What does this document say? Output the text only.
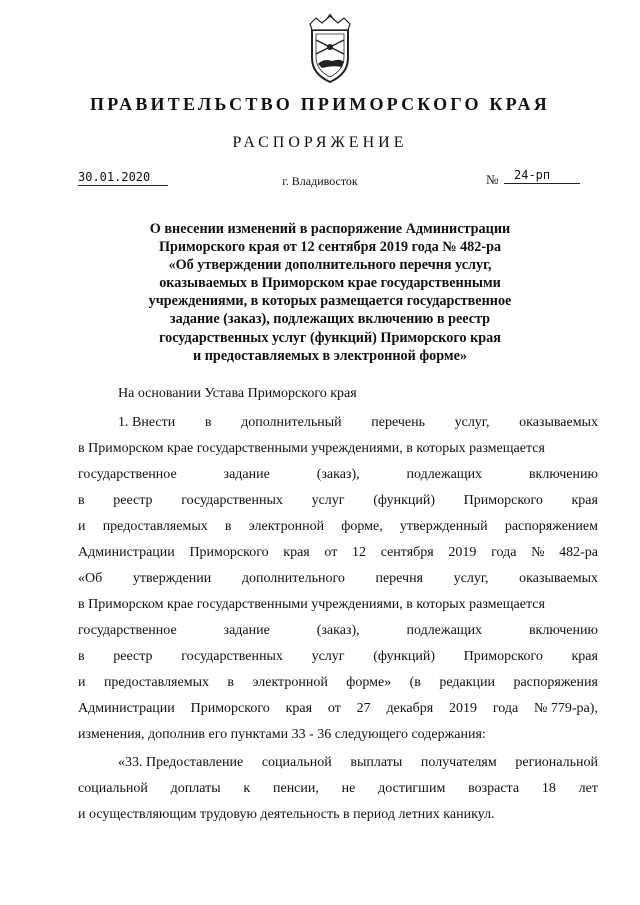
ПРАВИТЕЛЬСТВО ПРИМОРСКОГО КРАЯ
РАСПОРЯЖЕНИЕ
30.01.2020	г. Владивосток	№	24-рп
О внесении изменений в распоряжение Администрации
Приморского края от 12 сентября 2019 года № 482-ра
«Об утверждении дополнительного перечня услуг,
оказываемых в Приморском крае государственными
учреждениями, в которых размещается государственное
задание (заказ), подлежащих включению в реестр
государственных услуг (функций) Приморского края
и предоставляемых в электронной форме»
На основании Устава Приморского края
1. Внести в дополнительный перечень услуг, оказываемых
в Приморском крае государственными учреждениями, в которых размещается
государственное	задание	(заказ),	подлежащих	включению
в реестр государственных услуг (функций) Приморского края
и предоставляемых в электронной форме, утвержденный распоряжением
Администрации Приморского края от 12 сентября 2019 года № 482-ра
«Об утверждении дополнительного перечня услуг, оказываемых
в Приморском крае государственными учреждениями, в которых размещается
государственное	задание	(заказ),	подлежащих	включению
в реестр государственных услуг (функций) Приморского края
и предоставляемых в электронной форме» (в редакции распоряжения
Администрации Приморского края от 27 декабря 2019 года № 779-ра),
изменения, дополнив его пунктами 33 - 36 следующего содержания:
«33. Предоставление социальной выплаты получателям региональной
социальной доплаты к пенсии, не достигшим возраста 18 лет
и осуществляющим трудовую деятельность в период летних каникул.
